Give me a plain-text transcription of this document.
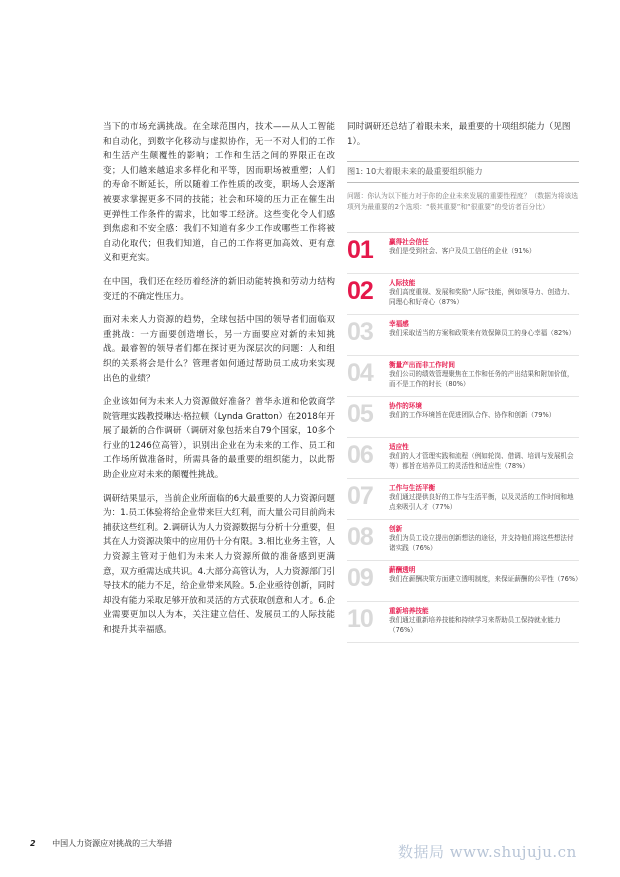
当下的市场充满挑战。在全球范围内，技术——从人工智能和自动化，到数字化移动与虚拟协作，无一不对人们的工作和生活产生颠覆性的影响；工作和生活之间的界限正在改变；人们越来越追求多样化和平等，因而职场被重塑；人们的寿命不断延长，所以随着工作性质的改变，职场人会逐渐被要求掌握更多不同的技能；社会和环境的压力正在催生出更弹性工作条件的需求，比如零工经济。这些变化令人们感到焦虑和不安全感：我们不知道有多少工作或哪些工作将被自动化取代；但我们知道，自己的工作将更加高效、更有意义和更充实。

在中国，我们还在经历着经济的新旧动能转换和劳动力结构变迁的不确定性压力。

面对未来人力资源的趋势，全球包括中国的领导者们面临双重挑战：一方面要创造增长，另一方面要应对新的未知挑战。最睿智的领导者们都在探讨更为深层次的问题：人和组织的关系将会是什么？管理者如何通过帮助员工成功来实现出色的业绩？

企业该如何为未来人力资源做好准备？普华永道和伦敦商学院管理实践教授琳达·格拉顿（Lynda Gratton）在2018年开展了最新的合作调研（调研对象包括来自79个国家，10多个行业的1246位高管），识别出企业在为未来的工作、员工和工作场所做准备时，所需具备的最重要的组织能力，以此帮助企业应对未来的颠覆性挑战。

调研结果显示，当前企业所面临的6大最重要的人力资源问题为：1.员工体验将给企业带来巨大红利，而大量公司目前尚未捕获这些红利。2.调研认为人力资源数据与分析十分重要，但其在人力资源决策中的应用仍十分有限。3.相比业务主管，人力资源主管对于他们为未来人力资源所做的准备感到更满意，双方亟需达成共识。4.大部分高管认为，人力资源部门引导技术的能力不足，给企业带来风险。5.企业亟待创新，同时却没有能力采取足够开放和灵活的方式获取创意和人才。6.企业需要更加以人为本，关注建立信任、发展员工的人际技能和提升其幸福感。

同时调研还总结了着眼未来，最重要的十项组织能力（见图1）。

图1: 10大着眼未来的最重要组织能力
问题：你认为以下能力对于你的企业未来发展的重要性程度？（数据为将该选项列为最重要的2个选项：“极其重要”和“很重要”的受访者百分比）
01	赢得社会信任
我们是受到社会、客户及员工信任的企业（91%）
02	人际技能
我们高度重视、发展和奖励“人际”技能，例如领导力、创造力、同理心和好奇心（87%）
03	幸福感
我们采取适当的方案和政策来有效保障员工的身心幸福（82%）
04	衡量产出而非工作时间
我们公司的绩效管理聚焦在工作和任务的产出结果和附加价值，而不是工作的时长（80%）
05	协作的环境
我们的工作环境旨在促进团队合作、协作和创新（79%）
06	适应性
我们的人才管理实践和流程（例如轮岗、借调、培训与发展机会等）都旨在培养员工的灵活性和适应性（78%）
07	工作与生活平衡
我们通过提供良好的工作与生活平衡，以及灵活的工作时间和地点来吸引人才（77%）
08	创新
我们为员工设立提出创新想法的途径，并支持他们将这些想法付诸实践（76%）
09	薪酬透明
我们在薪酬决策方面建立透明制度，来保证薪酬的公平性（76%）
10	重新培养技能
我们通过重新培养技能和持续学习来帮助员工保持就业能力（76%）
2 中国人力资源应对挑战的三大举措	数据局 www.shujuju.cn
